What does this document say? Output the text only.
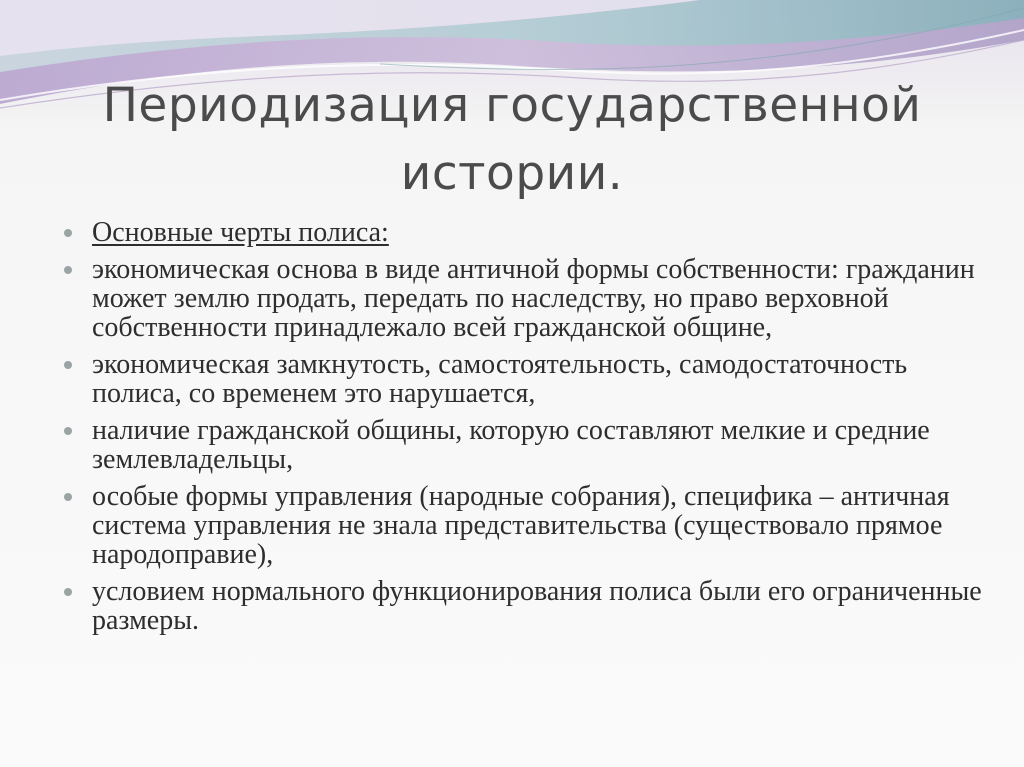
Периодизация государственной
истории.
Основные черты полиса:
экономическая основа в виде античной формы собственности: гражданин может землю продать, передать по наследству, но право верховной собственности принадлежало всей гражданской общине,
экономическая замкнутость, самостоятельность, самодостаточность полиса, со временем это нарушается,
наличие гражданской общины, которую составляют мелкие и средние землевладельцы,
особые формы управления (народные собрания), специфика – античная система управления не знала представительства (существовало прямое народоправие),
условием нормального функционирования полиса были его ограниченные размеры.
